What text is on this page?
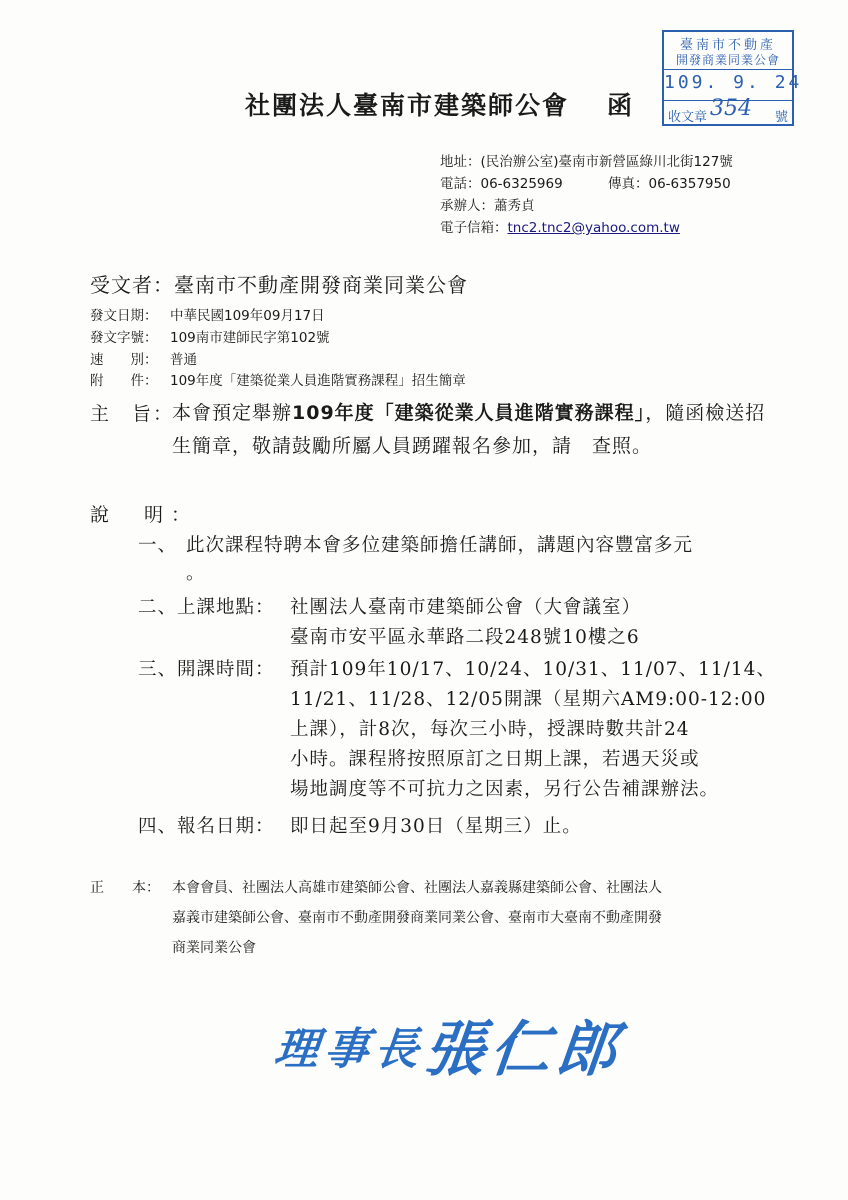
社團法人臺南市建築師公會 函
臺南市不動產
開發商業同業公會
109. 9. 24
收文章 354 號
地址：(民治辦公室)臺南市新營區綠川北街127號
電話：06-6325969	傳真：06-6357950
承辦人：蕭秀貞
電子信箱：tnc2.tnc2@yahoo.com.tw
受文者：臺南市不動產開發商業同業公會
發文日期： 中華民國109年09月17日
發文字號： 109南市建師民字第102號
速　　別： 普通
附　　件： 109年度「建築從業人員進階實務課程」招生簡章
主　旨：
本會預定舉辦109年度「建築從業人員進階實務課程」，隨函檢送招生簡章，敬請鼓勵所屬人員踴躍報名參加，請　查照。
說　明：
一、 此次課程特聘本會多位建築師擔任講師，講題內容豐富多元
。
二、上課地點： 社團法人臺南市建築師公會（大會議室）
臺南市安平區永華路二段248號10樓之6
三、開課時間： 預計109年10/17、10/24、10/31、11/07、11/14、
11/21、11/28、12/05開課（星期六AM9:00-12:00
上課），計8次，每次三小時，授課時數共計24
小時。課程將按照原訂之日期上課，若遇天災或
場地調度等不可抗力之因素，另行公告補課辦法。
四、報名日期： 即日起至9月30日（星期三）止。
正　　本： 本會會員、社團法人高雄市建築師公會、社團法人嘉義縣建築師公會、社團法人
嘉義市建築師公會、臺南市不動產開發商業同業公會、臺南市大臺南不動產開發
商業同業公會
理事長張仁郎
